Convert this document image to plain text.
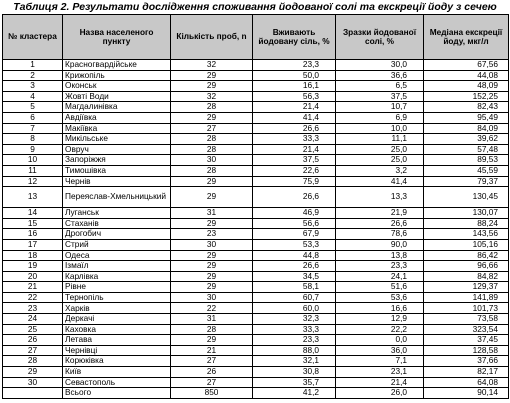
Таблиця 2. Результати дослідження споживання йодованої солі та екскреції йоду з сечею
№ кластера	Назва населеного пункту	Кількість проб, n	Вживають йодовану сіль, %	Зразки йодованої солі, %	Медіана екскреції йоду, мкг/л
1	Красногвардійське	32	23,3	30,0	67,56
2	Крижопіль	29	50,0	36,6	44,08
3	Оконськ	29	16,1	6,5	48,09
4	Жовті Води	32	56,3	37,5	152,25
5	Магдалинівка	28	21,4	10,7	82,43
6	Авдіївка	29	41,4	6,9	95,49
7	Макіївка	27	26,6	10,0	84,09
8	Микільське	28	33,3	11,1	39,62
9	Овруч	28	21,4	25,0	57,48
10	Запоріжжя	30	37,5	25,0	89,53
11	Тимошівка	28	22,6	3,2	45,59
12	Чернів	29	75,9	41,4	79,37
13	Переяслав-Хмельницький	29	26,6	13,3	130,45
14	Луганськ	31	46,9	21,9	130,07
15	Стаханів	29	56,6	26,6	88,24
16	Дрогобич	23	67,9	78,6	143,56
17	Стрий	30	53,3	90,0	105,16
18	Одеса	29	44,8	13,8	86,42
19	Ізмаїл	29	26,6	23,3	96,66
20	Карлівка	29	34,5	24,1	84,82
21	Рівне	29	58,1	51,6	129,37
22	Тернопіль	30	60,7	53,6	141,89
23	Харків	22	60,0	16,6	101,73
24	Деркачі	31	32,3	12,9	73,58
25	Каховка	28	33,3	22,2	323,54
26	Летава	29	23,3	0,0	37,45
27	Чернівці	21	88,0	36,0	128,58
28	Корюківка	27	32,1	7,1	37,66
29	Київ	26	30,8	23,1	82,17
30	Севастополь	27	35,7	21,4	64,08
	Всього	850	41,2	26,0	90,14
